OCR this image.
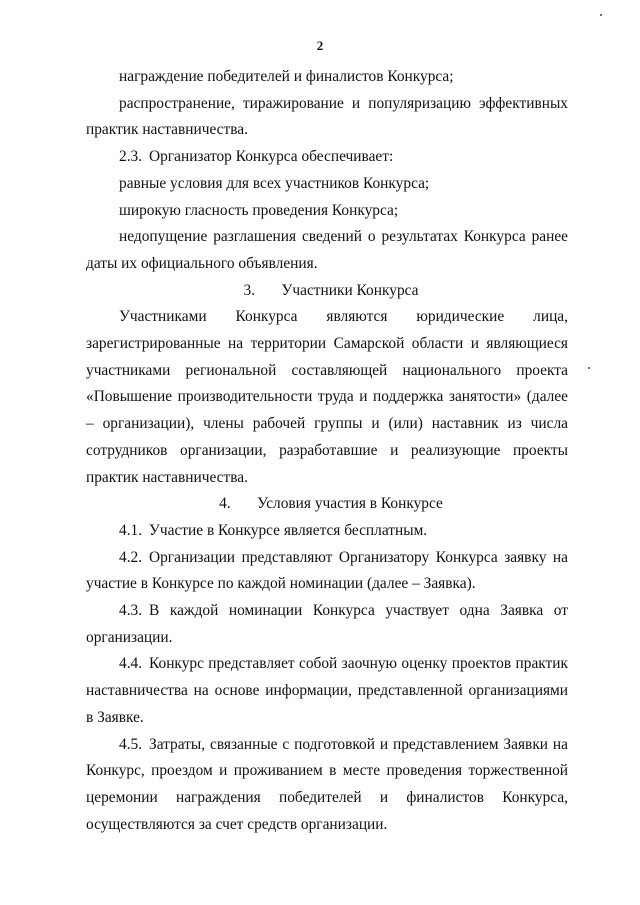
2

награждение победителей и финалистов Конкурса;

распространение, тиражирование и популяризацию эффективных практик наставничества.

2.3. Организатор Конкурса обеспечивает:

равные условия для всех участников Конкурса;

широкую гласность проведения Конкурса;

недопущение разглашения сведений о результатах Конкурса ранее даты их официального объявления.

3. Участники Конкурса

Участниками Конкурса являются юридические лица, зарегистрированные на территории Самарской области и являющиеся участниками региональной составляющей национального проекта «Повышение производительности труда и поддержка занятости» (далее – организации), члены рабочей группы и (или) наставник из числа сотрудников организации, разработавшие и реализующие проекты практик наставничества.

4. Условия участия в Конкурсе

4.1. Участие в Конкурсе является бесплатным.

4.2. Организации представляют Организатору Конкурса заявку на участие в Конкурсе по каждой номинации (далее – Заявка).

4.3. В каждой номинации Конкурса участвует одна Заявка от организации.

4.4. Конкурс представляет собой заочную оценку проектов практик наставничества на основе информации, представленной организациями в Заявке.

4.5. Затраты, связанные с подготовкой и представлением Заявки на Конкурс, проездом и проживанием в месте проведения торжественной церемонии награждения победителей и финалистов Конкурса, осуществляются за счет средств организации.
